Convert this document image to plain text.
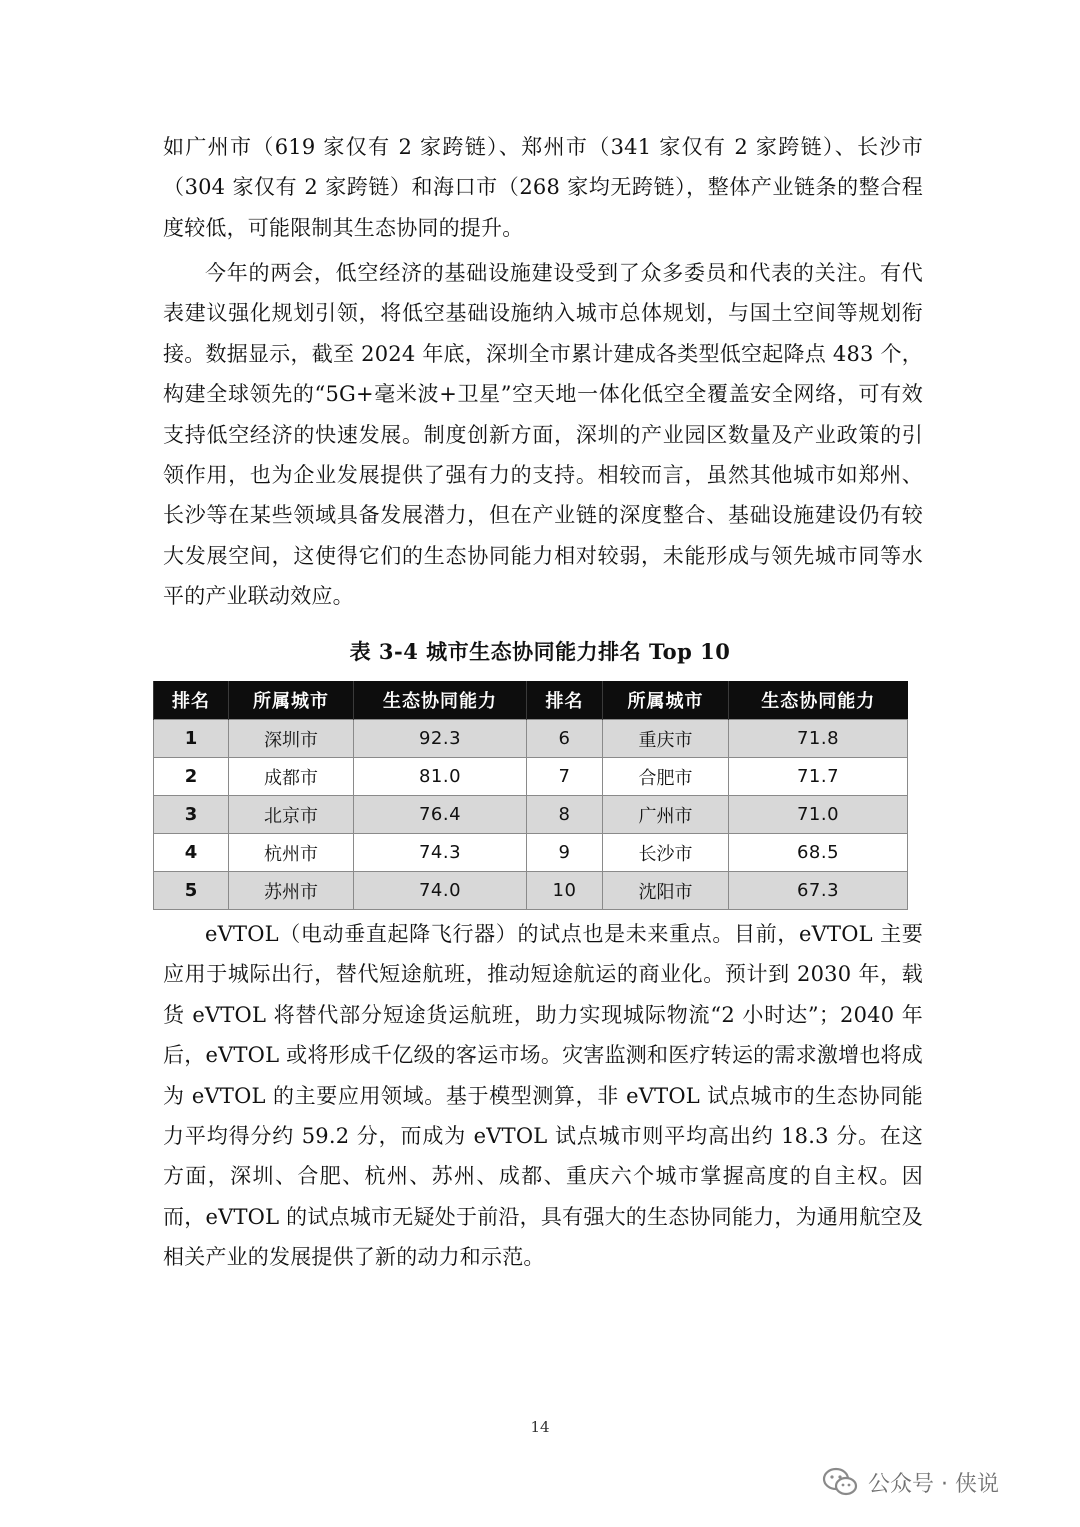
如广州市（619 家仅有 2 家跨链）、郑州市（341 家仅有 2 家跨链）、长沙市（304 家仅有 2 家跨链）和海口市（268 家均无跨链），整体产业链条的整合程度较低，可能限制其生态协同的提升。

今年的两会，低空经济的基础设施建设受到了众多委员和代表的关注。有代表建议强化规划引领，将低空基础设施纳入城市总体规划，与国土空间等规划衔接。数据显示，截至 2024 年底，深圳全市累计建成各类型低空起降点 483 个，构建全球领先的“5G+毫米波+卫星”空天地一体化低空全覆盖安全网络，可有效支持低空经济的快速发展。制度创新方面，深圳的产业园区数量及产业政策的引领作用，也为企业发展提供了强有力的支持。相较而言，虽然其他城市如郑州、长沙等在某些领域具备发展潜力，但在产业链的深度整合、基础设施建设仍有较大发展空间，这使得它们的生态协同能力相对较弱，未能形成与领先城市同等水平的产业联动效应。

表 3-4 城市生态协同能力排名 Top 10
排名	所属城市	生态协同能力	排名	所属城市	生态协同能力
1	深圳市	92.3	6	重庆市	71.8
2	成都市	81.0	7	合肥市	71.7
3	北京市	76.4	8	广州市	71.0
4	杭州市	74.3	9	长沙市	68.5
5	苏州市	74.0	10	沈阳市	67.3

eVTOL（电动垂直起降飞行器）的试点也是未来重点。目前，eVTOL 主要应用于城际出行，替代短途航班，推动短途航运的商业化。预计到 2030 年，载货 eVTOL 将替代部分短途货运航班，助力实现城际物流“2 小时达”；2040 年后，eVTOL 或将形成千亿级的客运市场。灾害监测和医疗转运的需求激增也将成为 eVTOL 的主要应用领域。基于模型测算，非 eVTOL 试点城市的生态协同能力平均得分约 59.2 分，而成为 eVTOL 试点城市则平均高出约 18.3 分。在这方面，深圳、合肥、杭州、苏州、成都、重庆六个城市掌握高度的自主权。因而，eVTOL 的试点城市无疑处于前沿，具有强大的生态协同能力，为通用航空及相关产业的发展提供了新的动力和示范。

14
公众号 · 侠说
